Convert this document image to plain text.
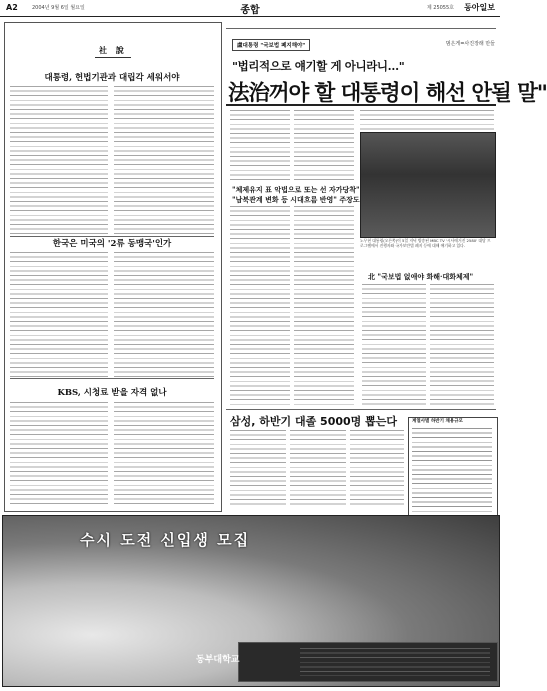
A2	2004년 9월 6일 월요일	종합	제 25055호 동아일보
社 說
대통령, 헌법기관과 대립각 세워서야
한국은 미국의 '2류 동맹국'인가
KBS, 시청료 받을 자격 없나
盧대통령 "국보법 폐지해야"	범은게=사진장래 만들
"법리적으로 얘기할 게 아니라니…"
法治꺼야 할 대통령이 해선 안될 말"
노무현 대통령(오른쪽)이 5일 저녁 방송된 MBC TV '시사매거진 2580' 대담 프로그램에서 진행자와 국가보안법 폐지 등에 대해 얘기하고 있다.
"체제유지 표 악법으로 또는 선 자가당착"
"남북관계 변화 등 시대흐름 반영" 주장도
北 "국보법 없애야 화해·대화체제"
삼성, 하반기 대졸 5000명 뽑는다	계열사별 하반기 채용규모
수시 도전 신입생 모집
동부대학교
